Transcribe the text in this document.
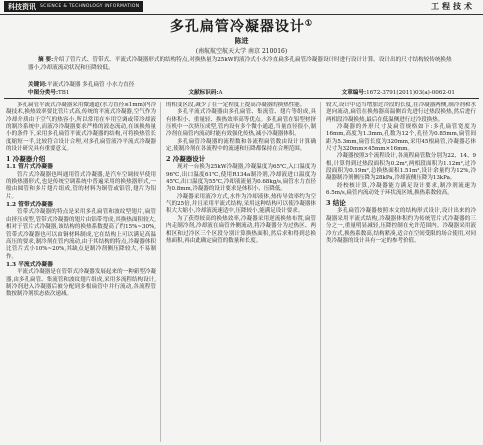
科技资讯 SCIENCE & TECHNOLOGY INFORMATION	工程技术
多孔扁管冷凝器设计①
陈进
(南航航空航天大学 南京 210016)
摘 要:介绍了管片式、管带式、平流式冷凝器形式的结构特点,对换热量为25kW的液冷式小水冷直扁多孔扁管冷凝器设计时进行设计计算。设计出的尺寸结构较传统换热器小,冷却液流动状况和压降较低。
关键词:平流式冷凝器 多孔扁管 小水力直径
中图分类号:TB1	文献标识码:A	文章编号:1672-3791(2011)03(a)-0062-01

多孔扁管平流式冷凝器采用微通道(水力直径≤1mm)内冷凝技术,换热效率要比管片式高,传统的平流式冷凝器,空气作为冷却介质由于空气的热容小,所以常用在车用空调或带冷却液的制冷系统中,而液冷冷凝器要求严格的液态流动,在该换热量小的条件下,采用多孔扁管平流式冷凝器的结构,可将换热管长度缩短一半,比较符合设计合理,对多孔扁管液冷平流式冷凝器的设计研究具有重要意义。

1 冷凝器介绍
1.1 管片式冷凝器

管片式冷凝器也叫通用管式冷凝器,是汽车空调较早使用的换热器形式,也是传统空调系统中普遍采用的换热器形式,一般由圆管和多片翅片组成,管的材料为铜管或铝管,翅片为铝片。

1.2 管带式冷凝器

管带式冷凝器的特点是采用多孔扁管和波纹型翅片,扁管由挤压成型,管带式冷凝器的翅片由铝带弯成,其换热面积较大,相对于管片式冷凝器,该结构的换热系数提高了约15%~30%,管带式冷凝器也可以由铜材料制成,它在结构上可以满足高温高压的要求,制冷剂在管内流动,由于其结构的特点,冷凝器体积比管片式小10%~20%,其缺点是制冷剂侧压降较大,不易制作。

1.3 平流式冷凝器

平流式冷凝器是在管带式冷凝器发展起来的一种新型冷凝器,由多孔扁管、集流管和波纹翅片组成,采用多流程结构设计,制冷剂进入冷凝器后被分配到多根扁管中并行流动,各流程管数按制冷剂状态依次递减。

的相变区段,减少了在一定程度上提高冷凝器的换热性能。

多孔平流式冷凝器由多孔扁管、集流管、翅片等组成,具有体积小、重量轻、换热效率高等优点。多孔扁管在铝型材挤压机中一次挤压成型,管内设有多个微小通道,当量直径很小,制冷剂在扁管内流动时能有效强化传热,减小冷凝器体积。

多孔扁管冷凝器的流程数和各流程扁管数由设计计算确定,使制冷剂在各流程中的流速和压降都保持在合理范围。

2 冷凝器设计

现对一台换为25kW冷凝器,冷凝温度为65℃,入口温度为96℃,出口温度61℃,使用R134a制冷剂,冷却液进口温度为45℃,出口温度为55℃,冷却液流量为0.68kg/s,扁管水力直径为0.8mm,冷凝器的设计要求是体积小、压降低。

冷凝器采用液冷方式,水作为冷却液体,热传导效率约为空气的25倍,并且采用平流式结构,采用这种结构可以使冷凝器体积大大缩小,冷却液流速适中,压降较小,能满足设计要求。

为了获得较高的换热效率,冷凝器采用逆流换热布置,扁管内走制冷剂,冷却液在扁管外侧流动,将冷凝器分为过热区、两相区和过冷区三个区段分别计算换热面积,然后求和得到总换热面积,再由此确定扁管的数量和长度。

较大,设计中适当增加过冷段的长度,在冷凝器两侧,制冷剂和水逆向流动,扁管在换热器高温侧首先进行过热段换热,然后进行两相段冷凝换热,最后在低温侧进行过冷段换热。

冷凝器的外形尺寸及扁管规格如下:多孔扁管宽度为16mm,高度为1.3mm,孔数为12个,孔径为0.85mm,扁管间距为5.3mm,扁管长度为320mm,采用45根扁管,冷凝器芯体尺寸为320mm×45mm×16mm。

冷凝器按照3个流程设计,各流程扁管数分别为22、14、9根,计算得到过热段面积为0.2m²,两相段面积为1.12m²,过冷段面积为0.19m²,总换热面积1.51m²,设计余量约为12%,冷凝器制冷剂侧压降为28kPa,冷却液侧压降为13kPa。

经校核计算,冷凝器能力满足设计要求,制冷剂流速为6.5m/s,扁管内流动处于环状流区域,换热系数较高。

3 结论

多孔扁管冷凝器按照本文的结构形式设计,设计出来的冷凝器采用平流式结构,冷凝器体积约为传统管片式冷凝器的三分之一,重量明显减轻,压降控制在允许范围内。冷凝器采用液冷方式,换热系数高,结构紧凑,适合在空间受限的场合使用,对同类冷凝器的设计具有一定的参考价值。
